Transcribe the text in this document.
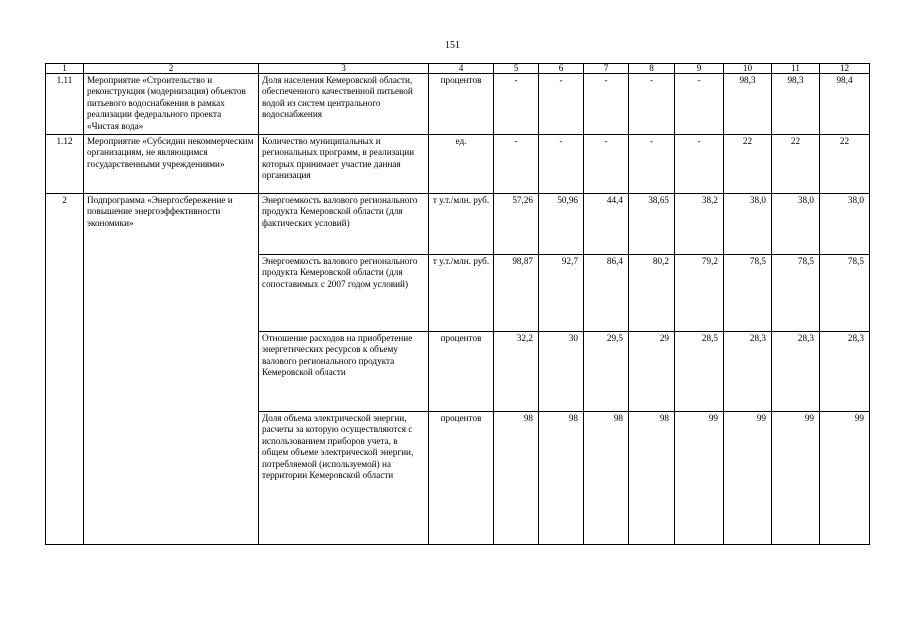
151
1	2	3	4	5	6	7	8	9	10	11	12
1.11	Мероприятие «Строительство и реконструкция (модернизация) объектов питьевого водоснабжения в рамках реализации федерального проекта «Чистая вода»	Доля населения Кемеровской области, обеспеченного качественной питьевой водой из систем центрального водоснабжения	процентов	-	-	-	-	-	98,3	98,3	98,4
1.12	Мероприятие «Субсидии некоммерческим организациям, не являющимся государственными учреждениями»	Количество муниципальных и региональных программ, в реализации которых принимает участие данная организация	ед.	-	-	-	-	-	22	22	22
2	Подпрограмма «Энергосбережение и повышение энергоэффективности экономики»	Энергоемкость валового регионального продукта Кемеровской области (для фактических условий)	т у.т./млн. руб.	57,26	50,96	44,4	38,65	38,2	38,0	38,0	38,0
		Энергоемкость валового регионального продукта Кемеровской области (для сопоставимых с 2007 годом условий)	т у.т./млн. руб.	98,87	92,7	86,4	80,2	79,2	78,5	78,5	78,5
		Отношение расходов на приобретение энергетических ресурсов к объему валового регионального продукта Кемеровской области	процентов	32,2	30	29,5	29	28,5	28,3	28,3	28,3
		Доля объема электрической энергии, расчеты за которую осуществляются с использованием приборов учета, в общем объеме электрической энергии, потребляемой (используемой) на территории Кемеровской области	процентов	98	98	98	98	99	99	99	99
